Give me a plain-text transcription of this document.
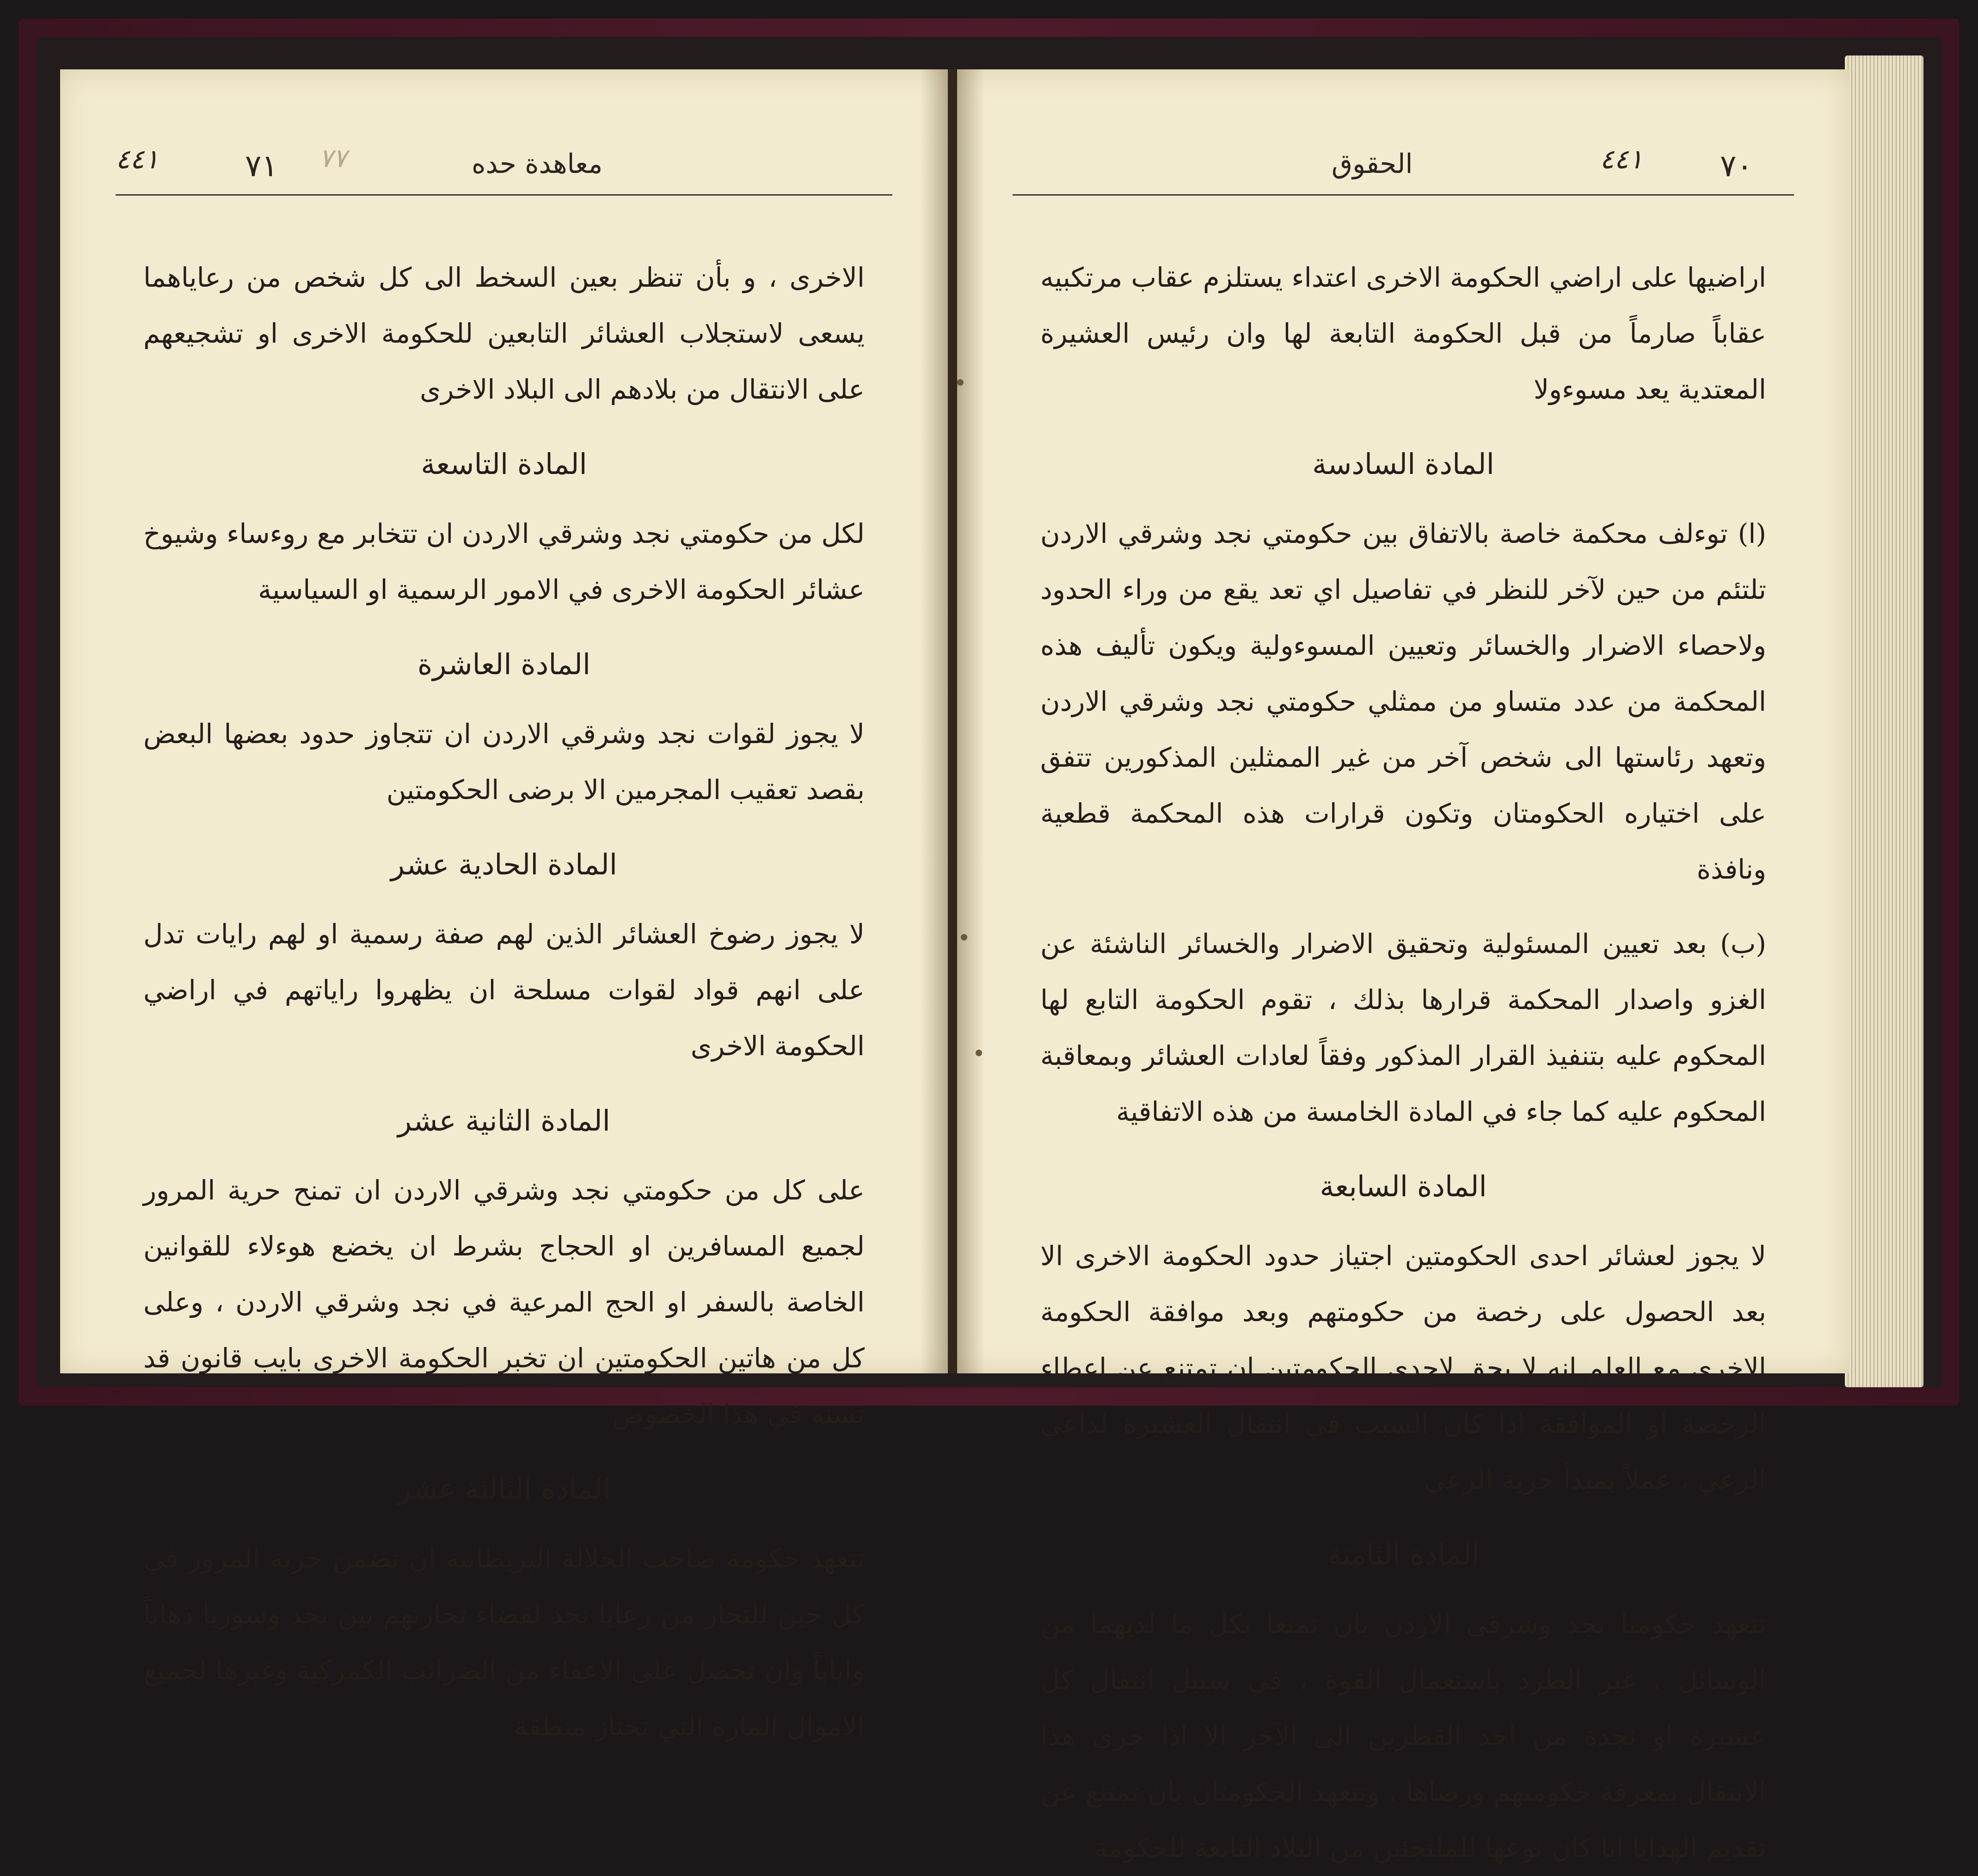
٤٤١	٧١ ٧٧	معاهدة حده

الاخرى ، و بأن تنظر بعين السخط الى كل شخص من رعاياهما يسعى لاستجلاب العشائر التابعين للحكومة الاخرى او تشجيعهم على الانتقال من بلادهم الى البلاد الاخرى

المادة التاسعة

لكل من حكومتي نجد وشرقي الاردن ان تتخابر مع روءساء وشيوخ عشائر الحكومة الاخرى في الامور الرسمية او السياسية

المادة العاشرة

لا يجوز لقوات نجد وشرقي الاردن ان تتجاوز حدود بعضها البعض بقصد تعقيب المجرمين الا برضى الحكومتين

المادة الحادية عشر

لا يجوز رضوخ العشائر الذين لهم صفة رسمية او لهم رايات تدل على انهم قواد لقوات مسلحة ان يظهروا راياتهم في اراضي الحكومة الاخرى

المادة الثانية عشر

على كل من حكومتي نجد وشرقي الاردن ان تمنح حرية المرور لجميع المسافرين او الحجاج بشرط ان يخضع هوءلاء للقوانين الخاصة بالسفر او الحج المرعية في نجد وشرقي الاردن ، وعلى كل من هاتين الحكومتين ان تخبر الحكومة الاخرى بايب قانون قد تسنه في هذا الخصوص

المادة الثالثة عشر

تتعهد حكومة صاحب الجلالة البريطانية ان تضمن حرية المرور في كل حين للتجار من رعايا نجد لقضاء تجارتهم بين نجد وسوريا ذهاباً واياباً وان تحصل على الاعفاء من الضرائب الكمركية وغيرها لجميع الاموال المارة التي تجتاز منطقة

الحقوق	٤٤١	٧٠

اراضيها على اراضي الحكومة الاخرى اعتداء يستلزم عقاب مرتكبيه عقاباً صارماً من قبل الحكومة التابعة لها وان رئيس العشيرة المعتدية يعد مسوءولا

المادة السادسة

(ا) توءلف محكمة خاصة بالاتفاق بين حكومتي نجد وشرقي الاردن تلتئم من حين لآخر للنظر في تفاصيل اي تعد يقع من وراء الحدود ولاحصاء الاضرار والخسائر وتعيين المسوءولية ويكون تأليف هذه المحكمة من عدد متساو من ممثلي حكومتي نجد وشرقي الاردن وتعهد رئاستها الى شخص آخر من غير الممثلين المذكورين تتفق على اختياره الحكومتان وتكون قرارات هذه المحكمة قطعية ونافذة

(ب) بعد تعيين المسئولية وتحقيق الاضرار والخسائر الناشئة عن الغزو واصدار المحكمة قرارها بذلك ، تقوم الحكومة التابع لها المحكوم عليه بتنفيذ القرار المذكور وفقاً لعادات العشائر وبمعاقبة المحكوم عليه كما جاء في المادة الخامسة من هذه الاتفاقية

المادة السابعة

لا يجوز لعشائر احدى الحكومتين اجتياز حدود الحكومة الاخرى الا بعد الحصول على رخصة من حكومتهم وبعد موافقة الحكومة الاخرى مع العلم انه لا يحق لاحدى الحكومتين ان تمتنع عن اعطاء الرخصة او الموافقة اذا كان السبب في انتقال العشيرة لداعي الرعي ، عملاً بمبدأ حرية الرعي

المادة الثامنة

تتعهد حكومتا نجد وشرقي الاردن بان تمنعا بكل ما لديهما من الوسائل ، غير الطرد باستعمال القوة ، في سبيل انتقال كل عشيرة او نجدة من احد القطرين الى الآخر الا اذا جرى هذا الانتقال بمعرفة حكومتهم ورضاها ، وتتعهد الحكومتان بان تمتنع عن تقديم الهدايا ايا كان نوعها للملتجئين من البلاد التابعة للحكومة
